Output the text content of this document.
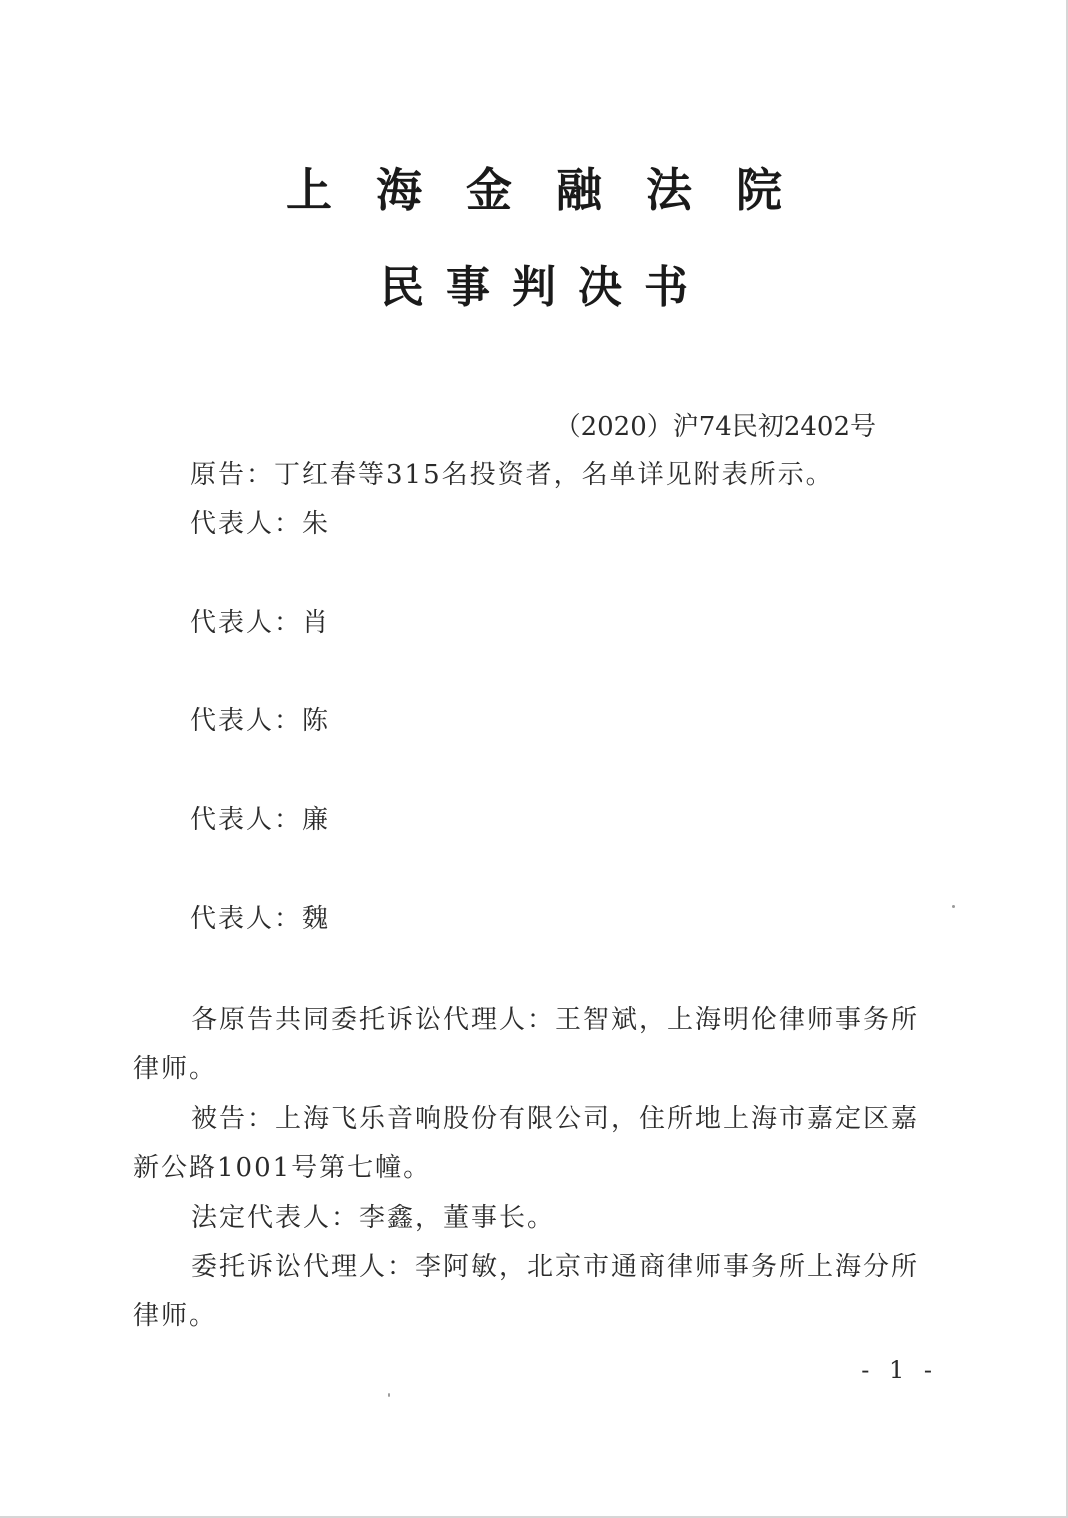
上海金融法院
民事判决书
（2020）沪74民初2402号
原告：丁红春等315名投资者，名单详见附表所示。
代表人：朱
代表人：肖
代表人：陈
代表人：廉
代表人：魏
各原告共同委托诉讼代理人：王智斌，上海明伦律师事务所律师。
被告：上海飞乐音响股份有限公司，住所地上海市嘉定区嘉新公路1001号第七幢。
法定代表人：李鑫，董事长。
委托诉讼代理人：李阿敏，北京市通商律师事务所上海分所律师。
- 1 -
